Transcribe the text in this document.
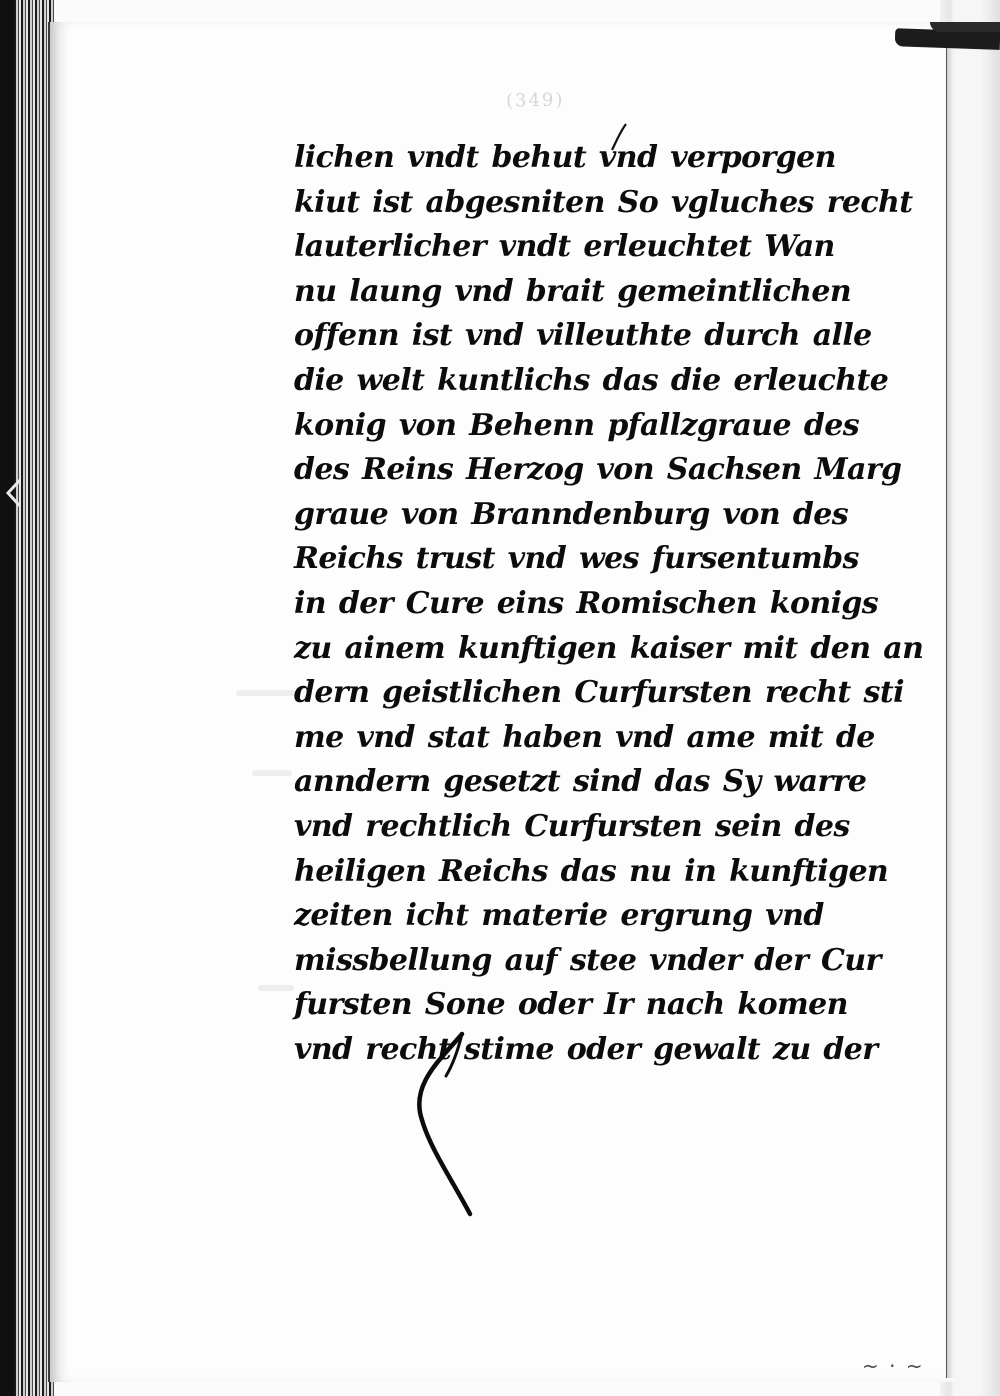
(349)
lichen vndt behut vnd verporgen
kiut ist abgesniten So vgluches recht
lauterlicher vndt erleuchtet Wan
nu laung vnd brait gemeintlichen
offenn ist vnd villeuthte durch alle
die welt kuntlichs das die erleuchte
konig von Behenn pfallzgraue des
des Reins Herzog von Sachsen Marg
graue von Branndenburg von des
Reichs trust vnd wes fursentumbs
in der Cure eins Romischen konigs
zu ainem kunftigen kaiser mit den an
dern geistlichen Curfursten recht sti
me vnd stat haben vnd ame mit de
anndern gesetzt sind das Sy warre
vnd rechtlich Curfursten sein des
heiligen Reichs das nu in kunftigen
zeiten icht materie ergrung vnd
missbellung auf stee vnder der Cur
fursten Sone oder Ir nach komen
vnd recht stime oder gewalt zu der
~ · ~
